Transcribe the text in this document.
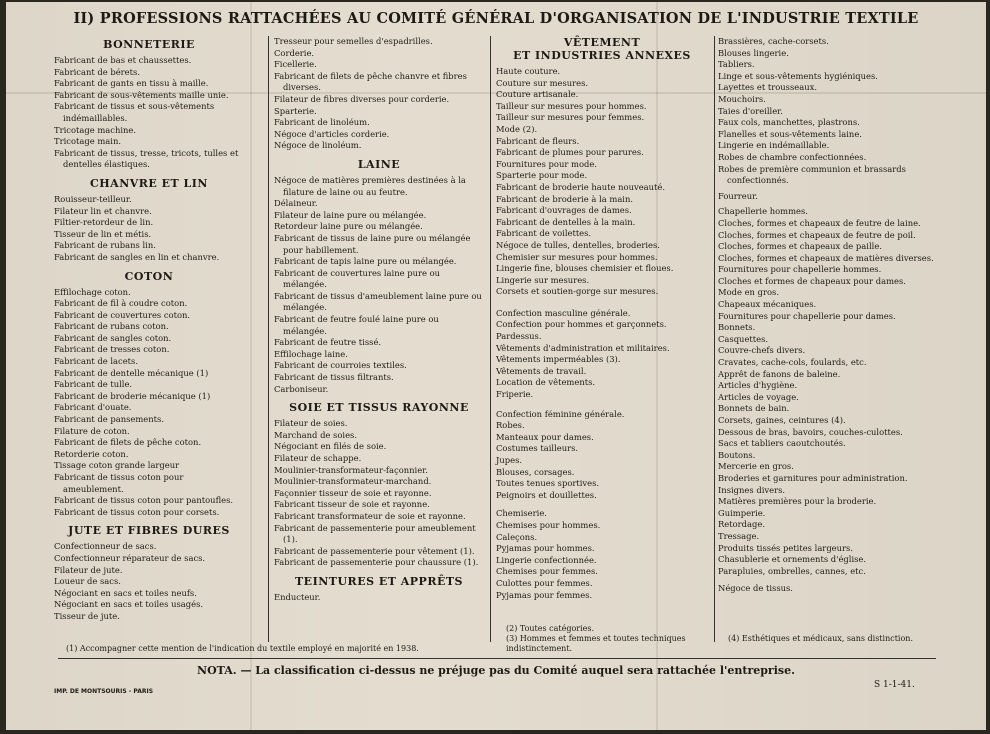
II) PROFESSIONS RATTACHÉES AU COMITÉ GÉNÉRAL D'ORGANISATION DE L'INDUSTRIE TEXTILE
BONNETERIE
Fabricant de bas et chaussettes.
Fabricant de bérets.
Fabricant de gants en tissu à maille.
Fabricant de sous-vêtements maille unie.
Fabricant de tissus et sous-vêtements indémaillables.
Tricotage machine.
Tricotage main.
Fabricant de tissus, tresse, tricots, tulles et dentelles élastiques.
CHANVRE ET LIN
Rouisseur-teilleur.
Filateur lin et chanvre.
Filtier-retordeur de lin.
Tisseur de lin et métis.
Fabricant de rubans lin.
Fabricant de sangles en lin et chanvre.
COTON
Effilochage coton.
Fabricant de fil à coudre coton.
Fabricant de couvertures coton.
Fabricant de rubans coton.
Fabricant de sangles coton.
Fabricant de tresses coton.
Fabricant de lacets.
Fabricant de dentelle mécanique (1)
Fabricant de tulle.
Fabricant de broderie mécanique (1)
Fabricant d'ouate.
Fabricant de pansements.
Filature de coton.
Fabricant de filets de pêche coton.
Retorderie coton.
Tissage coton grande largeur
Fabricant de tissus coton pour ameublement.
Fabricant de tissus coton pour pantoufles.
Fabricant de tissus coton pour corsets.
JUTE ET FIBRES DURES
Confectionneur de sacs.
Confectionneur réparateur de sacs.
Filateur de jute.
Loueur de sacs.
Négociant en sacs et toiles neufs.
Négociant en sacs et toiles usagés.
Tisseur de jute.
Tresseur pour semelles d'espadrilles.
Corderie.
Ficellerie.
Fabricant de filets de pêche chanvre et fibres diverses.
Filateur de fibres diverses pour corderie.
Sparterie.
Fabricant de linoléum.
Négoce d'articles corderie.
Négoce de linoléum.
LAINE
Négoce de matières premières destinées à la filature de laine ou au feutre.
Délaineur.
Filateur de laine pure ou mélangée.
Retordeur laine pure ou mélangée.
Fabricant de tissus de laine pure ou mélangée pour habillement.
Fabricant de tapis laine pure ou mélangée.
Fabricant de couvertures laine pure ou mélangée.
Fabricant de tissus d'ameublement laine pure ou mélangée.
Fabricant de feutre foulé laine pure ou mélangée.
Fabricant de feutre tissé.
Effilochage laine.
Fabricant de courroies textiles.
Fabricant de tissus filtrants.
Carboniseur.
SOIE ET TISSUS RAYONNE
Filateur de soies.
Marchand de soies.
Négociant en filés de soie.
Filateur de schappe.
Moulinier-transformateur-façonnier.
Moulinier-transformateur-marchand.
Façonnier tisseur de soie et rayonne.
Fabricant tisseur de soie et rayonne.
Fabricant transformateur de soie et rayonne.
Fabricant de passementerie pour ameublement (1).
Fabricant de passementerie pour vêtement (1).
Fabricant de passementerie pour chaussure (1).
TEINTURES ET APPRÊTS
Enducteur.
VÊTEMENT
ET INDUSTRIES ANNEXES
Haute couture.
Couture sur mesures.
Couture artisanale.
Tailleur sur mesures pour hommes.
Tailleur sur mesures pour femmes.
Mode (2).
Fabricant de fleurs.
Fabricant de plumes pour parures.
Fournitures pour mode.
Sparterie pour mode.
Fabricant de broderie haute nouveauté.
Fabricant de broderie à la main.
Fabricant d'ouvrages de dames.
Fabricant de dentelles à la main.
Fabricant de voilettes.
Négoce de tulles, dentelles, broderies.
Chemisier sur mesures pour hommes.
Lingerie fine, blouses chemisier et floues.
Lingerie sur mesures.
Corsets et soutien-gorge sur mesures.
Confection masculine générale.
Confection pour hommes et garçonnets.
Pardessus.
Vêtements d'administration et militaires.
Vêtements imperméables (3).
Vêtements de travail.
Location de vêtements.
Friperie.
Confection féminine générale.
Robes.
Manteaux pour dames.
Costumes tailleurs.
Jupes.
Blouses, corsages.
Toutes tenues sportives.
Peignoirs et douillettes.
Chemiserie.
Chemises pour hommes.
Caleçons.
Pyjamas pour hommes.
Lingerie confectionnée.
Chemises pour femmes.
Culottes pour femmes.
Pyjamas pour femmes.
Brassières, cache-corsets.
Blouses lingerie.
Tabliers.
Linge et sous-vêtements hygiéniques.
Layettes et trousseaux.
Mouchoirs.
Taies d'oreiller.
Faux cols, manchettes, plastrons.
Flanelles et sous-vêtements laine.
Lingerie en indémaillable.
Robes de chambre confectionnées.
Robes de première communion et brassards confectionnés.
Fourreur.
Chapellerie hommes.
Cloches, formes et chapeaux de feutre de laine.
Cloches, formes et chapeaux de feutre de poil.
Cloches, formes et chapeaux de paille.
Cloches, formes et chapeaux de matières diverses.
Fournitures pour chapellerie hommes.
Cloches et formes de chapeaux pour dames.
Mode en gros.
Chapeaux mécaniques.
Fournitures pour chapellerie pour dames.
Bonnets.
Casquettes.
Couvre-chefs divers.
Cravates, cache-cols, foulards, etc.
Apprêt de fanons de baleine.
Articles d'hygiène.
Articles de voyage.
Bonnets de bain.
Corsets, gaines, ceintures (4).
Dessous de bras, bavoirs, couches-culottes.
Sacs et tabliers caoutchoutés.
Boutons.
Mercerie en gros.
Broderies et garnitures pour administration.
Insignes divers.
Matières premières pour la broderie.
Guimperie.
Retordage.
Tressage.
Produits tissés petites largeurs.
Chasublerie et ornements d'église.
Parapluies, ombrelles, cannes, etc.
Négoce de tissus.
(1) Accompagner cette mention de l'indication du textile employé en majorité en 1938.
(2) Toutes catégories.
(3) Hommes et femmes et toutes techniques indistinctement.
(4) Esthétiques et médicaux, sans distinction.
NOTA. — La classification ci-dessus ne préjuge pas du Comité auquel sera rattachée l'entreprise.
IMP. DE MONTSOURIS - PARIS
S 1-1-41.
